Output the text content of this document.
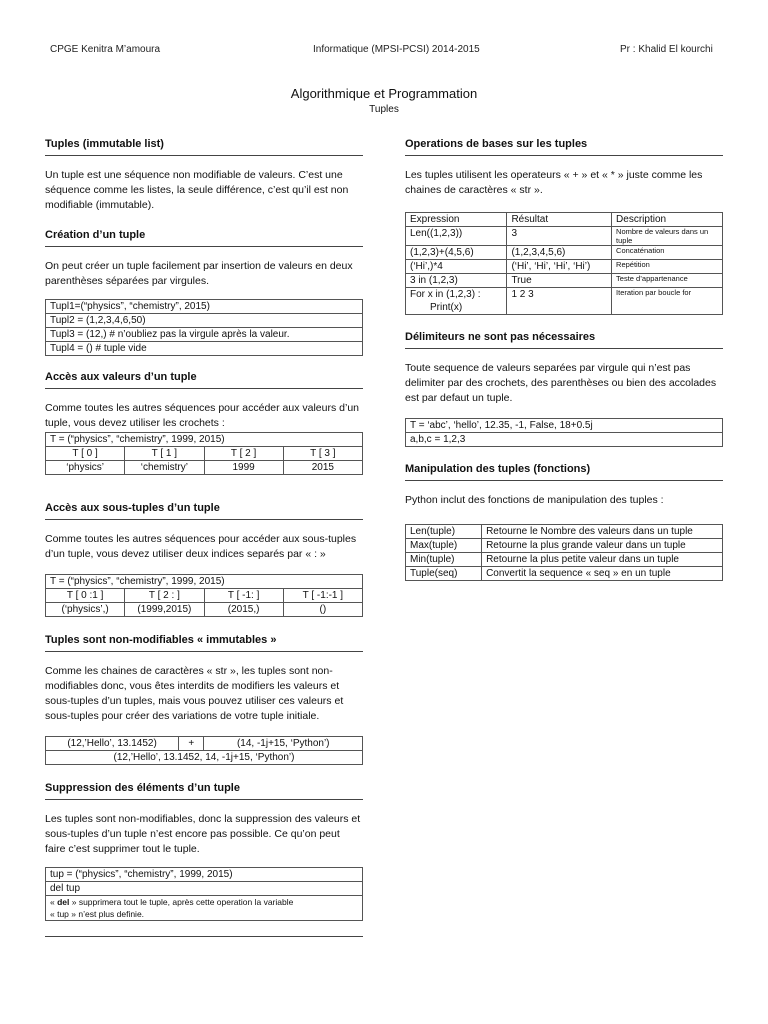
CPGE Kenitra M’amoura	Informatique (MPSI-PCSI) 2014-2015	Pr : Khalid El kourchi
Algorithmique et Programmation
Tuples
Tuples (immutable list)

Un tuple est une séquence non modifiable de valeurs. C’est une séquence comme les listes, la seule différence, c’est qu’il est non modifiable (immutable).

Création d’un tuple

On peut créer un tuple facilement par insertion de valeurs en deux parenthèses séparées par virgules.

Tupl1=(“physics”, “chemistry”, 2015)
Tupl2 = (1,2,3,4,6,50)
Tupl3 = (12,) # n’oubliez pas la virgule après la valeur.
Tupl4 = () # tuple vide
Accès aux valeurs d’un tuple

Comme toutes les autres séquences pour accéder aux valeurs d’un tuple, vous devez utiliser les crochets :

T = (“physics”, “chemistry”, 1999, 2015)			
T [ 0 ]	T [ 1 ]	T [ 2 ]	T [ 3 ]
‘physics’	‘chemistry’	1999	2015
Accès aux sous-tuples d’un tuple

Comme toutes les autres séquences pour accéder aux sous-tuples d’un tuple, vous devez utiliser deux indices separés par « : »

T = (“physics”, “chemistry”, 1999, 2015)			
T [ 0 :1 ]	T [ 2 : ]	T [ -1: ]	T [ -1:-1 ]
(‘physics’,)	(1999,2015)	(2015,)	()
Tuples sont non-modifiables « immutables »

Comme les chaines de caractères « str », les tuples sont non-modifiables donc, vous êtes interdits de modifiers les valeurs et sous-tuples d’un tuples, mais vous pouvez utiliser ces valeurs et sous-tuples pour créer des variations de votre tuple initiale.

(12,’Hello’, 13.1452)	+	(14, -1j+15, ‘Python’)
(12,’Hello’, 13.1452, 14, -1j+15, ‘Python’)
Suppression des éléments d’un tuple

Les tuples sont non-modifiables, donc la suppression des valeurs et sous-tuples d’un tuple n’est encore pas possible. Ce qu’on peut faire c’est supprimer tout le tuple.

tup = (“physics”, “chemistry”, 1999, 2015)
del tup
« del » supprimera tout le tuple, après cette operation la variable
« tup » n’est plus definie.
Operations de bases sur les tuples

Les tuples utilisent les operateurs « + » et « * » juste comme les chaines de caractères « str ».

Expression	Résultat	Description
Len((1,2,3))	3	Nombre de valeurs dans un tuple
(1,2,3)+(4,5,6)	(1,2,3,4,5,6)	Concaténation
(‘Hi’,)*4	(‘Hi’, ‘Hi’, ‘Hi’, ‘Hi’)	Repétition
3 in (1,2,3)	True	Teste d’appartenance
For x in (1,2,3) :
Print(x)	1 2 3	Iteration par boucle for
Délimiteurs ne sont pas nécessaires

Toute sequence de valeurs separées par virgule qui n’est pas delimiter par des crochets, des parenthèses ou bien des accolades est par defaut un tuple.

T = ‘abc’, ‘hello’, 12.35, -1, False, 18+0.5j
a,b,c = 1,2,3
Manipulation des tuples (fonctions)

Python inclut des fonctions de manipulation des tuples :

Len(tuple)	Retourne le Nombre des valeurs dans un tuple
Max(tuple)	Retourne la plus grande valeur dans un tuple
Min(tuple)	Retourne la plus petite valeur dans un tuple
Tuple(seq)	Convertit la sequence « seq » en un tuple
